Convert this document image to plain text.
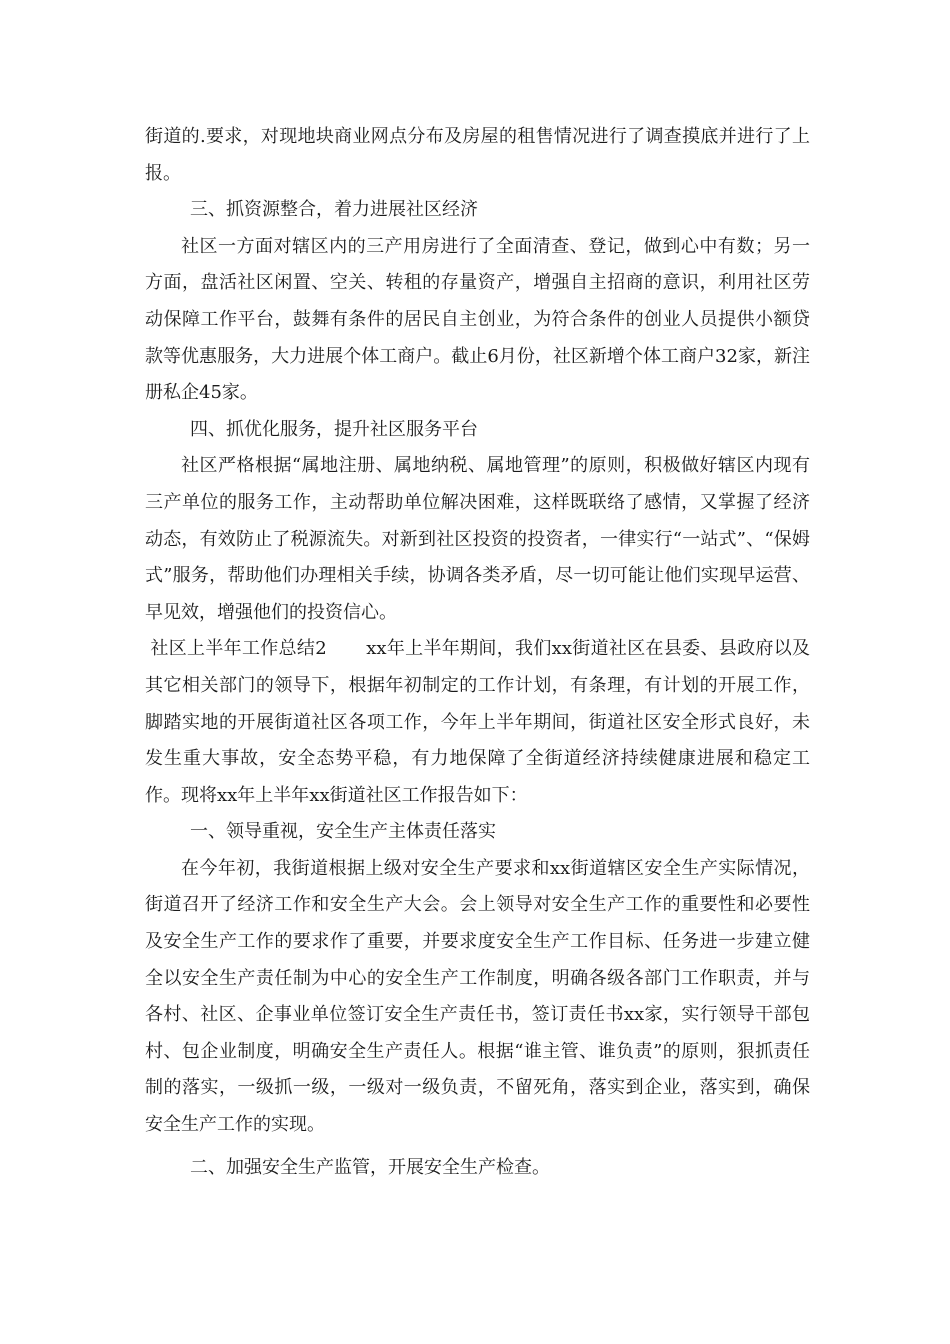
街道的.要求，对现地块商业网点分布及房屋的租售情况进行了调查摸底并进行了上报。

三、抓资源整合，着力进展社区经济

社区一方面对辖区内的三产用房进行了全面清查、登记，做到心中有数；另一方面，盘活社区闲置、空关、转租的存量资产，增强自主招商的意识，利用社区劳动保障工作平台，鼓舞有条件的居民自主创业，为符合条件的创业人员提供小额贷款等优惠服务，大力进展个体工商户。截止6月份，社区新增个体工商户32家，新注册私企45家。

四、抓优化服务，提升社区服务平台

社区严格根据“属地注册、属地纳税、属地管理”的原则，积极做好辖区内现有三产单位的服务工作，主动帮助单位解决困难，这样既联络了感情，又掌握了经济动态，有效防止了税源流失。对新到社区投资的投资者，一律实行“一站式”、“保姆式”服务，帮助他们办理相关手续，协调各类矛盾，尽一切可能让他们实现早运营、早见效，增强他们的投资信心。

社区上半年工作总结2 xx年上半年期间，我们xx街道社区在县委、县政府以及其它相关部门的领导下，根据年初制定的工作计划，有条理，有计划的开展工作，脚踏实地的开展街道社区各项工作，今年上半年期间，街道社区安全形式良好，未发生重大事故，安全态势平稳，有力地保障了全街道经济持续健康进展和稳定工作。现将xx年上半年xx街道社区工作报告如下：

一、领导重视，安全生产主体责任落实

在今年初，我街道根据上级对安全生产要求和xx街道辖区安全生产实际情况，街道召开了经济工作和安全生产大会。会上领导对安全生产工作的重要性和必要性及安全生产工作的要求作了重要，并要求度安全生产工作目标、任务进一步建立健全以安全生产责任制为中心的安全生产工作制度，明确各级各部门工作职责，并与各村、社区、企事业单位签订安全生产责任书，签订责任书xx家，实行领导干部包村、包企业制度，明确安全生产责任人。根据“谁主管、谁负责”的原则，狠抓责任制的落实，一级抓一级，一级对一级负责，不留死角，落实到企业，落实到，确保安全生产工作的实现。

二、加强安全生产监管，开展安全生产检查。
